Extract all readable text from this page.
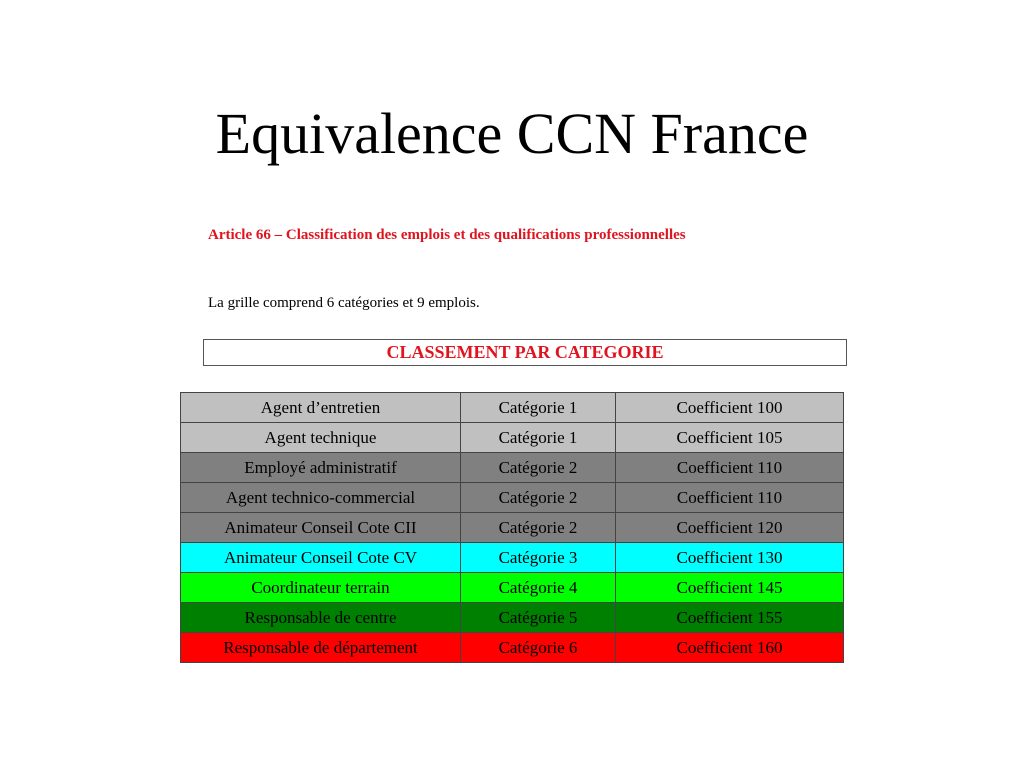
Equivalence CCN France
Article 66 – Classification des emplois et des qualifications professionnelles
La grille comprend 6 catégories et 9 emplois.
CLASSEMENT PAR CATEGORIE
Agent d’entretien	Catégorie 1	Coefficient 100
Agent technique	Catégorie 1	Coefficient 105
Employé administratif	Catégorie 2	Coefficient 110
Agent technico-commercial	Catégorie 2	Coefficient 110
Animateur Conseil Cote CII	Catégorie 2	Coefficient 120
Animateur Conseil Cote CV	Catégorie 3	Coefficient 130
Coordinateur terrain	Catégorie 4	Coefficient 145
Responsable de centre	Catégorie 5	Coefficient 155
Responsable de département	Catégorie 6	Coefficient 160
